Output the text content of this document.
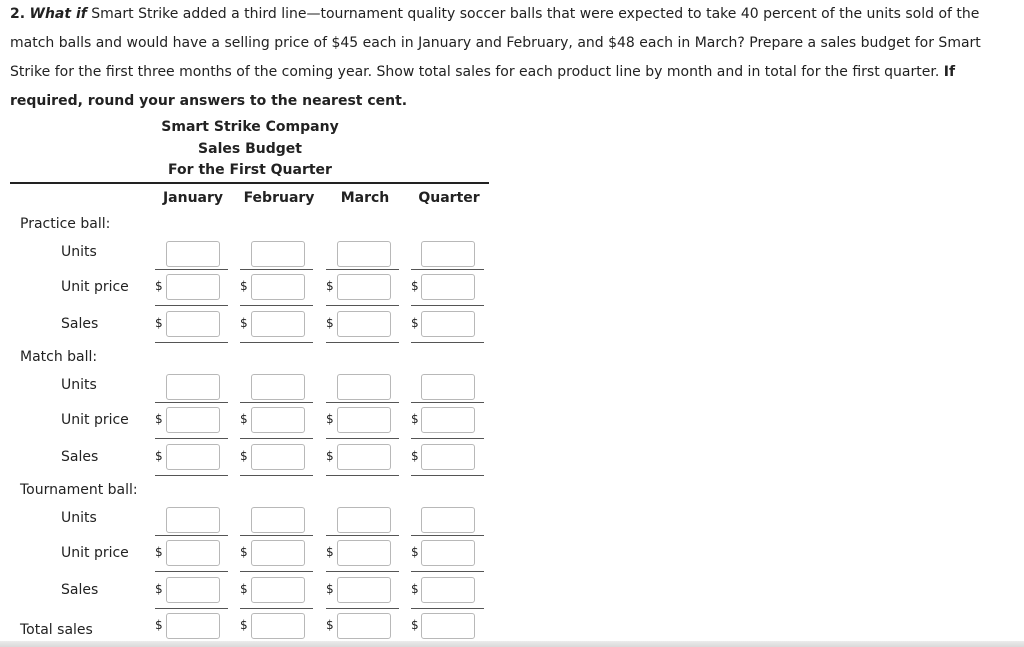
2. What if Smart Strike added a third line—tournament quality soccer balls that were expected to take 40 percent of the units sold of the match balls and would have a selling price of $45 each in January and February, and $48 each in March? Prepare a sales budget for Smart Strike for the first three months of the coming year. Show total sales for each product line by month and in total for the first quarter. If required, round your answers to the nearest cent.
Smart Strike Company
Sales Budget
For the First Quarter
January	February	March	Quarter
Practice ball:
Units
Unit price $	$	$	$
Sales	$	$	$	$
Match ball:
Units
Unit price $	$	$	$
Sales	$	$	$	$
Tournament ball:
Units
Unit price $	$	$	$
Sales	$	$	$	$
Total sales	$	$	$	$
